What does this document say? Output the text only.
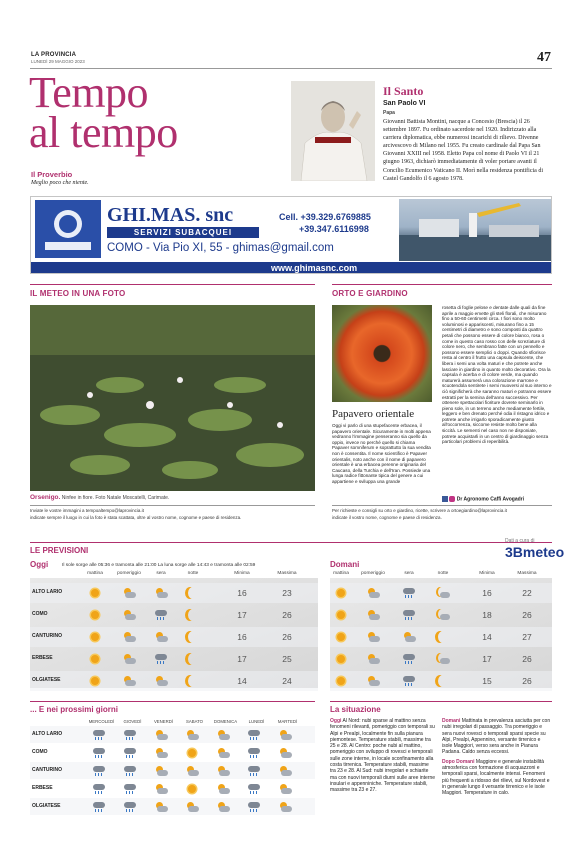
LA PROVINCIA
LUNEDÌ 29 MAGGIO 2023	47
Tempo
al tempo
Il Proverbio
Meglio poco che niente.
Il Santo
San Paolo VI
Papa
Giovanni Battista Montini, nacque a Concesio (Brescia) il 26 settembre 1897. Fu ordinato sacerdote nel 1920. Indirizzato alla carriera diplomatica, ebbe numerosi incarichi di rilievo. Divenne arcivescovo di Milano nel 1955. Fu creato cardinale dal Papa San Giovanni XXIII nel 1958. Eletto Papa col nome di Paolo VI il 21 giugno 1963, dichiarò immediatamente di voler portare avanti il Concilio Ecumenico Vaticano II. Morì nella residenza pontificia di Castel Gandolfo il 6 agosto 1978.
GHI.MAS. snc
SERVIZI SUBACQUEI
Cell. +39.329.6769885
+39.347.6116998
COMO - Via Pio XI, 55 - ghimas@gmail.com
www.ghimasnc.com
IL METEO IN UNA FOTO
Orsenigo. Ninfee in fiore. Foto Natale Moscatelli, Carimate.
Inviate le vostre immagini a tempoaltempo@laprovincia.it
indicate sempre il luogo in cui la foto è stata scattata, oltre al vostro nome, cognome e paese di residenza.
ORTO E GIARDINO
Papavero orientale
Oggi vi parlo di una stupefacente erbacea, il papavero orientale. Sicuramente in molti appena vedranno l'immagine penseranno sia quello da oppio, invece no perché quello si chiama Papaver somniferum e soprattutto la sua vendita non è consentita. Il nome scientifico è Papaver orientalis, noto anche con il nome di papavero orientale è una erbacea perenne originaria del Caucaso, della Turchia e dell'Iran. Possiede una lunga radice fittonante tipica del genere a cui appartiene e sviluppa una grande
rosetta di foglie pelose e dentate dalle quali da fine aprile a maggio emette gli steli florali, che misurano fino a 50-60 centimetri circa. I fiori sono molto voluminosi e appariscenti, misurano fino a 15 centimetri di diametro e sono composti da quattro petali che possono essere di colore bianco, rosa o come in questo caso rosso con delle screziature di colore nero, che sembrano fatte con un pennello e possono essere semplici o doppi. Quando sfiorisce resta al centro il frutto una capsula deiscente, che libera i semi una volta maturi e che potrete anche lasciare in giardino in quanto molto decorativo. Ora la capsula è acerba e di colore verde, ma quando maturerà assumerà una colorazione marrone e scuotendola sentirete i semi muoversi al suo interno e ciò significherà che saranno maturi e potranno essere estratti per la semina dell'anno successivo. Per ottenere spettacolari fioriture dovrete seminarlo in pieno sole, in un terreno anche mediamente fertile, leggero e ben drenato perché odia il ristagno idrico e potrete anche irrigarlo sporadicamente giusto all'occorrenza, siccome resiste molto bene alla siccità. Le sementi nel caso non ne disponiate, potrete acquistarli in un centro di giardinaggio senza particolari problemi di reperibilità.
Dr Agronomo Caffi Avogadri
Per richieste e consigli su orto e giardino, ricette, scrivere a ortoegiardino@laprovincia.it
indicate il vostro nome, cognome e paese di residenza.
LE PREVISIONI
Dati a cura di
3Bmeteo
Oggi	Il sole sorge alle 05:36 e tramonta alle 21:00 La luna sorge alle 14:43 e tramonta alle 02:59
mattina	pomeriggio	sera	notte	Minima	Massima
ALTO LARIO	16	23
COMO	17	26
CANTURINO	16	26
ERBESE	17	25
OLGIATESE	14	24
Domani
mattina	pomeriggio	sera	notte	Minima	Massima
16	22
18	26
14	27
17	26
15	26
... E nei prossimi giorni
MERCOLEDÌ	GIOVEDÌ	VENERDÌ	SABATO	DOMENICA	LUNEDÌ	MARTEDÌ
ALTO LARIO
COMO
CANTURINO
ERBESE
OLGIATESE
La situazione
Oggi Al Nord: nubi sparse al mattino senza fenomeni rilevanti, pomeriggio con temporali su Alpi e Prealpi, localmente fin sulla pianura piemontese. Temperature stabili, massime tra 25 e 28. Al Centro: poche nubi al mattino, pomeriggio con sviluppo di rovesci e temporali sulle zone interne, in locale sconfinamento alla costa tirrenica. Temperature stabili, massime tra 23 e 28. Al Sud: nubi irregolari e schiarite ma con nuovi temporali diurni sulle aree interne insulari e appenniniche. Temperature stabili, massime tra 23 e 27.
Domani Mattinata in prevalenza asciutta per con nubi irregolari di passaggio. Tra pomeriggio e sera nuovi rovesci o temporali sparsi specie su Alpi, Prealpi, Appennino, versante tirrenico e isole Maggiori, verso sera anche in Pianura Padana. Caldo senza eccessi.
Dopo Domani Maggiore e generale instabilità atmosferica con formazione di acquazzoni e temporali sparsi, localmente intensi. Fenomeni più frequenti a ridosso dei rilievi, sul Nordovest e in generale lungo il versante tirrenico e le isole Maggiori. Temperature in calo.
